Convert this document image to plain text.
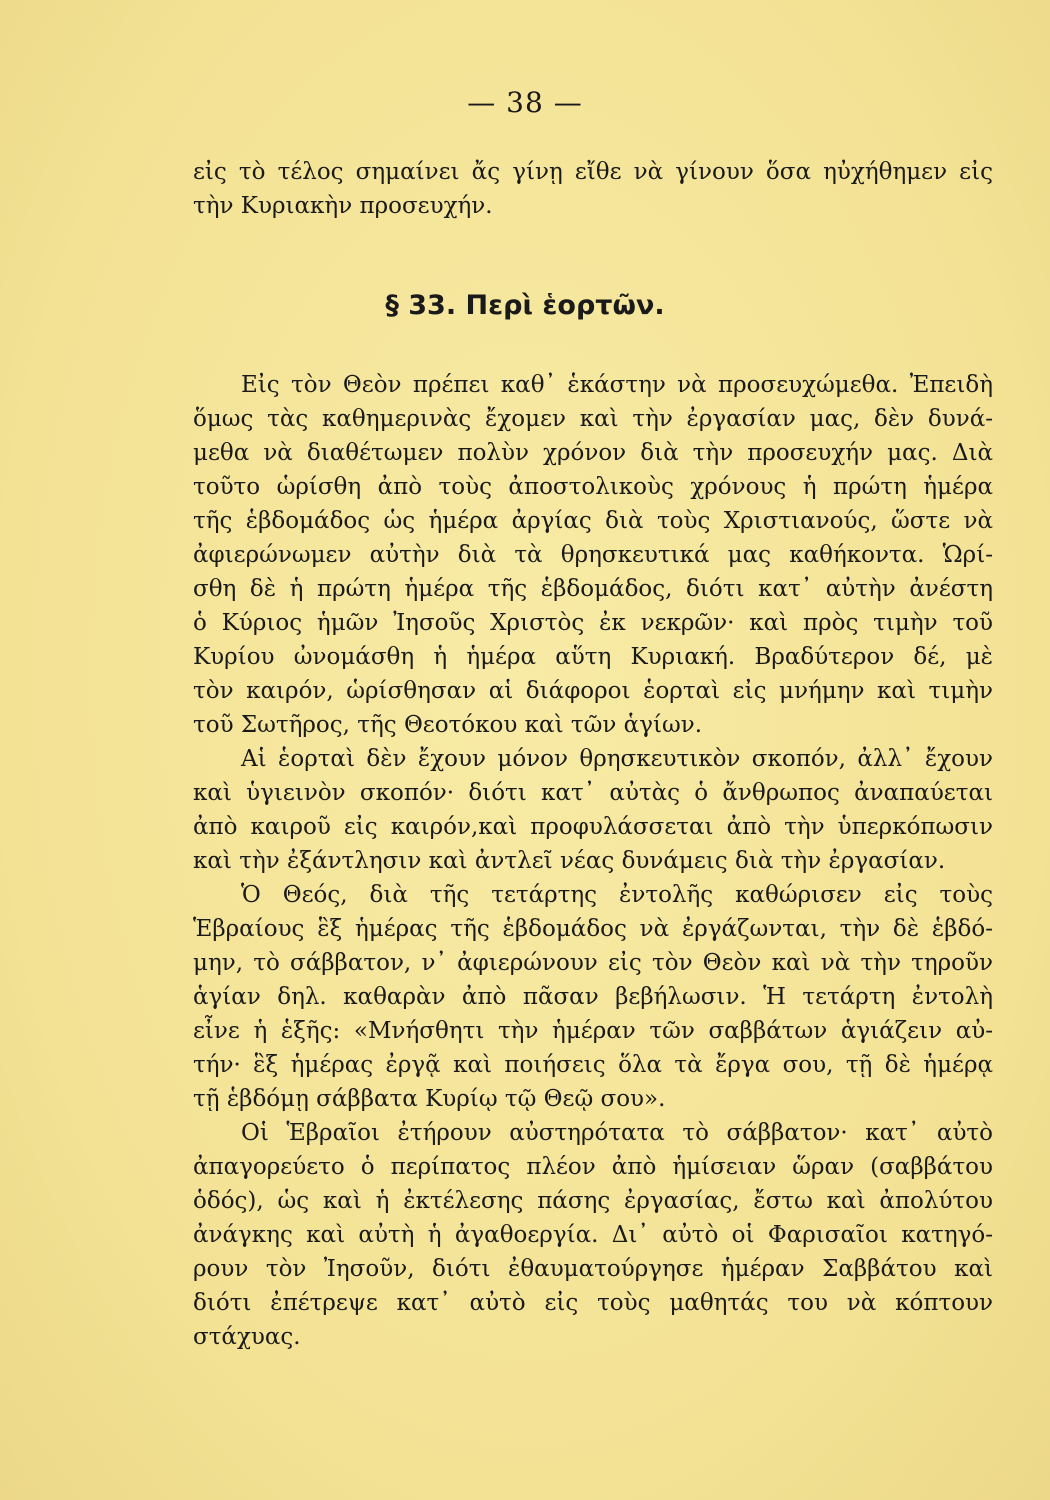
— 38 —
εἰς τὸ τέλος σημαίνει ἄς γίνῃ εἴθε νὰ γίνουν ὅσα ηὐχήθημεν εἰς
τὴν Κυριακὴν προσευχήν.
§ 33. Περὶ ἑορτῶν.
Εἰς τὸν Θεὸν πρέπει καθ᾽ ἑκάστην νὰ προσευχώμεθα. Ἐπειδὴ
ὅμως τὰς καθημερινὰς ἔχομεν καὶ τὴν ἐργασίαν μας, δὲν δυνά-
μεθα νὰ διαθέτωμεν πολὺν χρόνον διὰ τὴν προσευχήν μας. Διὰ
τοῦτο ὡρίσθη ἀπὸ τοὺς ἀποστολικοὺς χρόνους ἡ πρώτη ἡμέρα
τῆς ἑβδομάδος ὡς ἡμέρα ἀργίας διὰ τοὺς Χριστιανούς, ὥστε νὰ
ἀφιερώνωμεν αὐτὴν διὰ τὰ θρησκευτικά μας καθήκοντα. Ὡρί-
σθη δὲ ἡ πρώτη ἡμέρα τῆς ἑβδομάδος, διότι κατ᾽ αὐτὴν ἀνέστη
ὁ Κύριος ἡμῶν Ἰησοῦς Χριστὸς ἐκ νεκρῶν· καὶ πρὸς τιμὴν τοῦ
Κυρίου ὠνομάσθη ἡ ἡμέρα αὕτη Κυριακή. Βραδύτερον δέ, μὲ
τὸν καιρόν, ὡρίσθησαν αἱ διάφοροι ἑορταὶ εἰς μνήμην καὶ τιμὴν
τοῦ Σωτῆρος, τῆς Θεοτόκου καὶ τῶν ἁγίων.
Αἱ ἑορταὶ δὲν ἔχουν μόνον θρησκευτικὸν σκοπόν, ἀλλ᾽ ἔχουν
καὶ ὑγιεινὸν σκοπόν· διότι κατ᾽ αὐτὰς ὁ ἄνθρωπος ἀναπαύεται
ἀπὸ καιροῦ εἰς καιρόν,καὶ προφυλάσσεται ἀπὸ τὴν ὑπερκόπωσιν
καὶ τὴν ἐξάντλησιν καὶ ἀντλεῖ νέας δυνάμεις διὰ τὴν ἐργασίαν.
Ὁ Θεός, διὰ τῆς τετάρτης ἐντολῆς καθώρισεν εἰς τοὺς
Ἑβραίους ἓξ ἡμέρας τῆς ἑβδομάδος νὰ ἐργάζωνται, τὴν δὲ ἑβδό-
μην, τὸ σάββατον, ν᾽ ἀφιερώνουν εἰς τὸν Θεὸν καὶ νὰ τὴν τηροῦν
ἁγίαν δηλ. καθαρὰν ἀπὸ πᾶσαν βεβήλωσιν. Ἡ τετάρτη ἐντολὴ
εἶνε ἡ ἑξῆς: «Μνήσθητι τὴν ἡμέραν τῶν σαββάτων ἁγιάζειν αὐ-
τήν· ἓξ ἡμέρας ἐργᾷ καὶ ποιήσεις ὅλα τὰ ἔργα σου, τῇ δὲ ἡμέρᾳ
τῇ ἑβδόμῃ σάββατα Κυρίῳ τῷ Θεῷ σου».
Οἱ Ἑβραῖοι ἐτήρουν αὐστηρότατα τὸ σάββατον· κατ᾽ αὐτὸ
ἀπαγορεύετο ὁ περίπατος πλέον ἀπὸ ἡμίσειαν ὥραν (σαββάτου
ὁδός), ὡς καὶ ἡ ἐκτέλεσης πάσης ἐργασίας, ἔστω καὶ ἀπολύτου
ἀνάγκης καὶ αὐτὴ ἡ ἀγαθοεργία. Δι᾽ αὐτὸ οἱ Φαρισαῖοι κατηγό-
ρουν τὸν Ἰησοῦν, διότι ἐθαυματούργησε ἡμέραν Σαββάτου καὶ
διότι ἐπέτρεψε κατ᾽ αὐτὸ εἰς τοὺς μαθητάς του νὰ κόπτουν
στάχυας.
